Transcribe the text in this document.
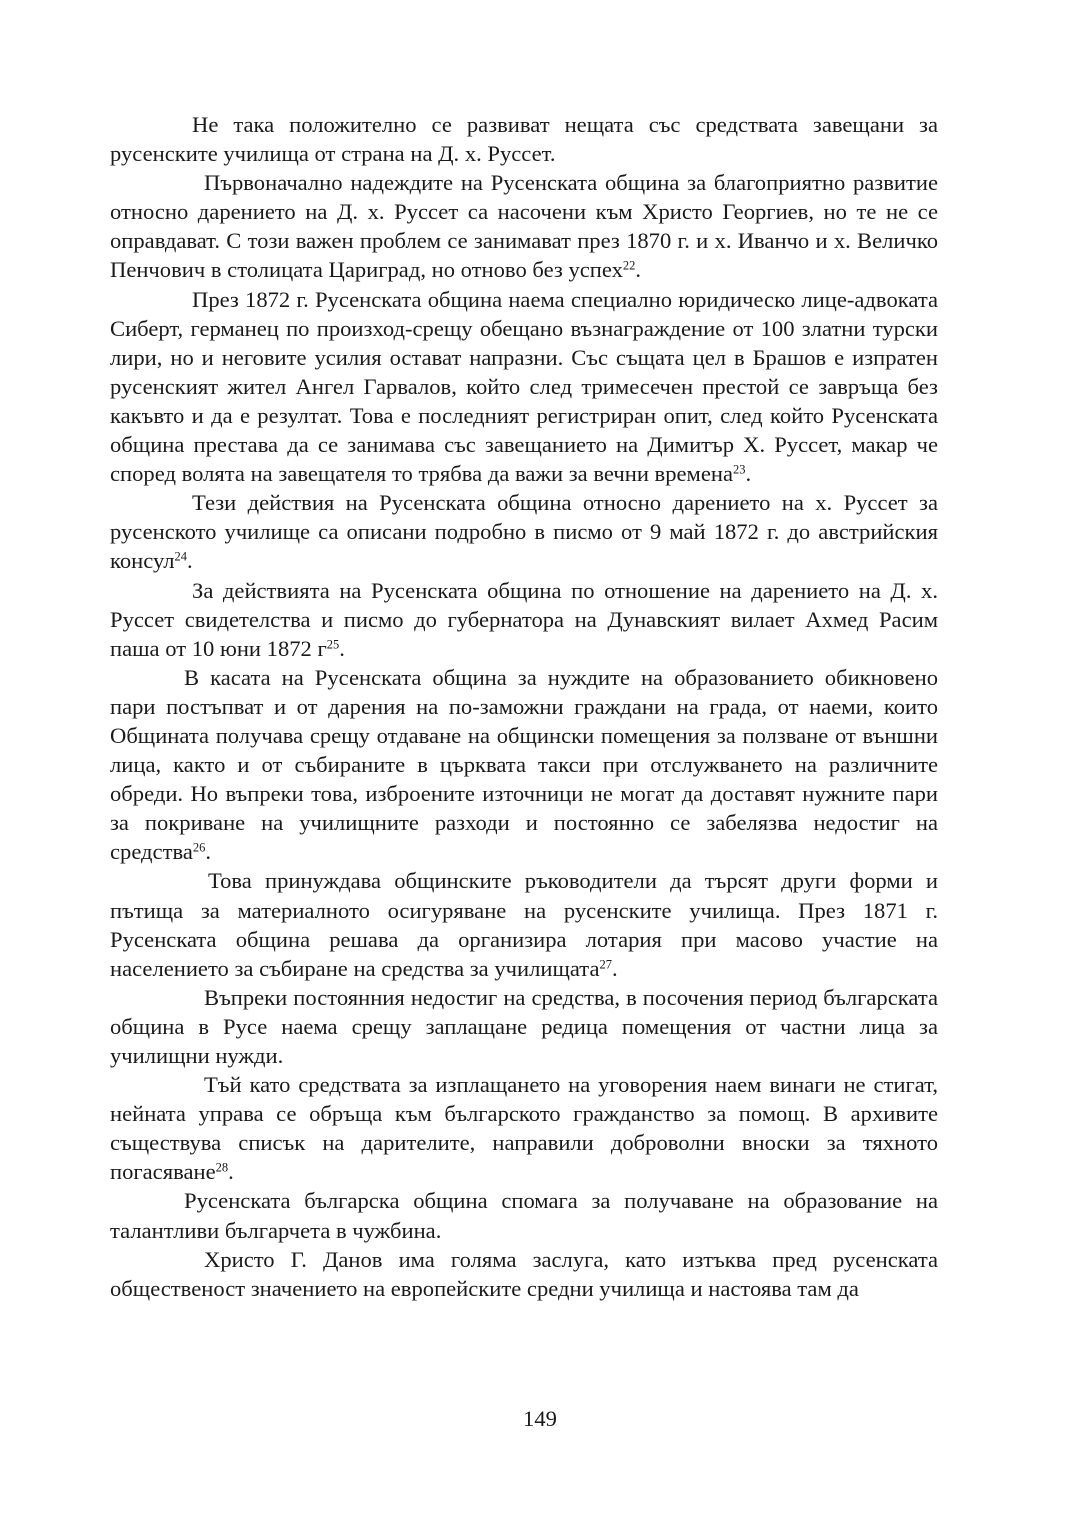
Не така положително се развиват нещата със средствата завещани за русенските училища от страна на Д. х. Руссет.

Първоначално надеждите на Русенската община за благоприятно развитие относно дарението на Д. х. Руссет са насочени към Христо Георгиев, но те не се оправдават. С този важен проблем се занимават през 1870 г. и х. Иванчо и х. Величко Пенчович в столицата Цариград, но отново без успех$^{22}$.

През 1872 г. Русенската община наема специално юридическо лице-адвоката Сиберт, германец по произход-срещу обещано възнаграждение от 100 златни турски лири, но и неговите усилия остават напразни. Със същата цел в Брашов е изпратен русенският жител Ангел Гарвалов, който след тримесечен престой се завръща без какъвто и да е резултат. Това е последният регистриран опит, след който Русенската община престава да се занимава със завещанието на Димитър Х. Руссет, макар че според волята на завещателя то трябва да важи за вечни времена$^{23}$.

Тези действия на Русенската община относно дарението на х. Руссет за русенското училище са описани подробно в писмо от 9 май 1872 г. до австрийския консул$^{24}$.

За действията на Русенската община по отношение на дарението на Д. х. Руссет свидетелства и писмо до губернатора на Дунавският вилает Ахмед Расим паша от 10 юни 1872 $г^{25}$.

В касата на Русенската община за нуждите на образованието обикновено пари постъпват и от дарения на по-заможни граждани на града, от наеми, които Общината получава срещу отдаване на общински помещения за ползване от външни лица, както и от събираните в църквата такси при отслужването на различните обреди. Но въпреки това, изброените източници не могат да доставят нужните пари за покриване на училищните разходи и постоянно се забелязва недостиг на средства$^{26}$.

Това принуждава общинските ръководители да търсят други форми и пътища за материалното осигуряване на русенските училища. През 1871 г. Русенската община решава да организира лотария при масово участие на населението за събиране на средства за училищата$^{27}$.

Въпреки постоянния недостиг на средства, в посочения период българската община в Русе наема срещу заплащане редица помещения от частни лица за училищни нужди.

Тъй като средствата за изплащането на уговорения наем винаги не стигат, нейната управа се обръща към българското гражданство за помощ. В архивите съществува списък на дарителите, направили доброволни вноски за тяхното погасяване$^{28}$.

Русенската българска община спомага за получаване на образование на талантливи българчета в чужбина.

Христо Г. Данов има голяма заслуга, като изтъква пред русенската общественост значението на европейските средни училища и настоява там да

149
